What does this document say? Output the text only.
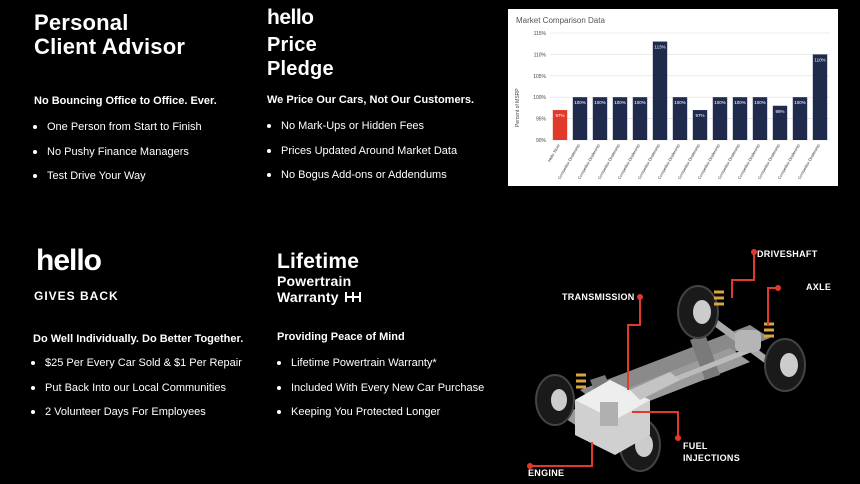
Personal
Client Advisor
No Bouncing Office to Office. Ever.
One Person from Start to Finish
No Pushy Finance Managers
Test Drive Your Way
hello
Price
Pledge
We Price Our Cars, Not Our Customers.
No Mark-Ups or Hidden Fees
Prices Updated Around Market Data
No Bogus Add-ons or Addendums
Market Comparison Data
Percent of MSRP
115%
110%
105%
100%
95%
90%
97%
Hello Store
100%
Competitor Dealership
100%
Competitor Dealership
100%
Competitor Dealership
100%
Competitor Dealership
113%
Competitor Dealership
100%
Competitor Dealership
97%
Competitor Dealership
100%
Competitor Dealership
100%
Competitor Dealership
100%
Competitor Dealership
98%
Competitor Dealership
100%
Competitor Dealership
110%
Competitor Dealership
hello
GIVES BACK
Do Well Individually. Do Better Together.
$25 Per Every Car Sold & $1 Per Repair
Put Back Into our Local Communities
2 Volunteer Days For Employees
Lifetime
Powertrain
Warranty
Providing Peace of Mind
Lifetime Powertrain Warranty*
Included With Every New Car Purchase
Keeping You Protected Longer
DRIVESHAFT
AXLE
TRANSMISSION
FUEL
INJECTIONS
ENGINE
